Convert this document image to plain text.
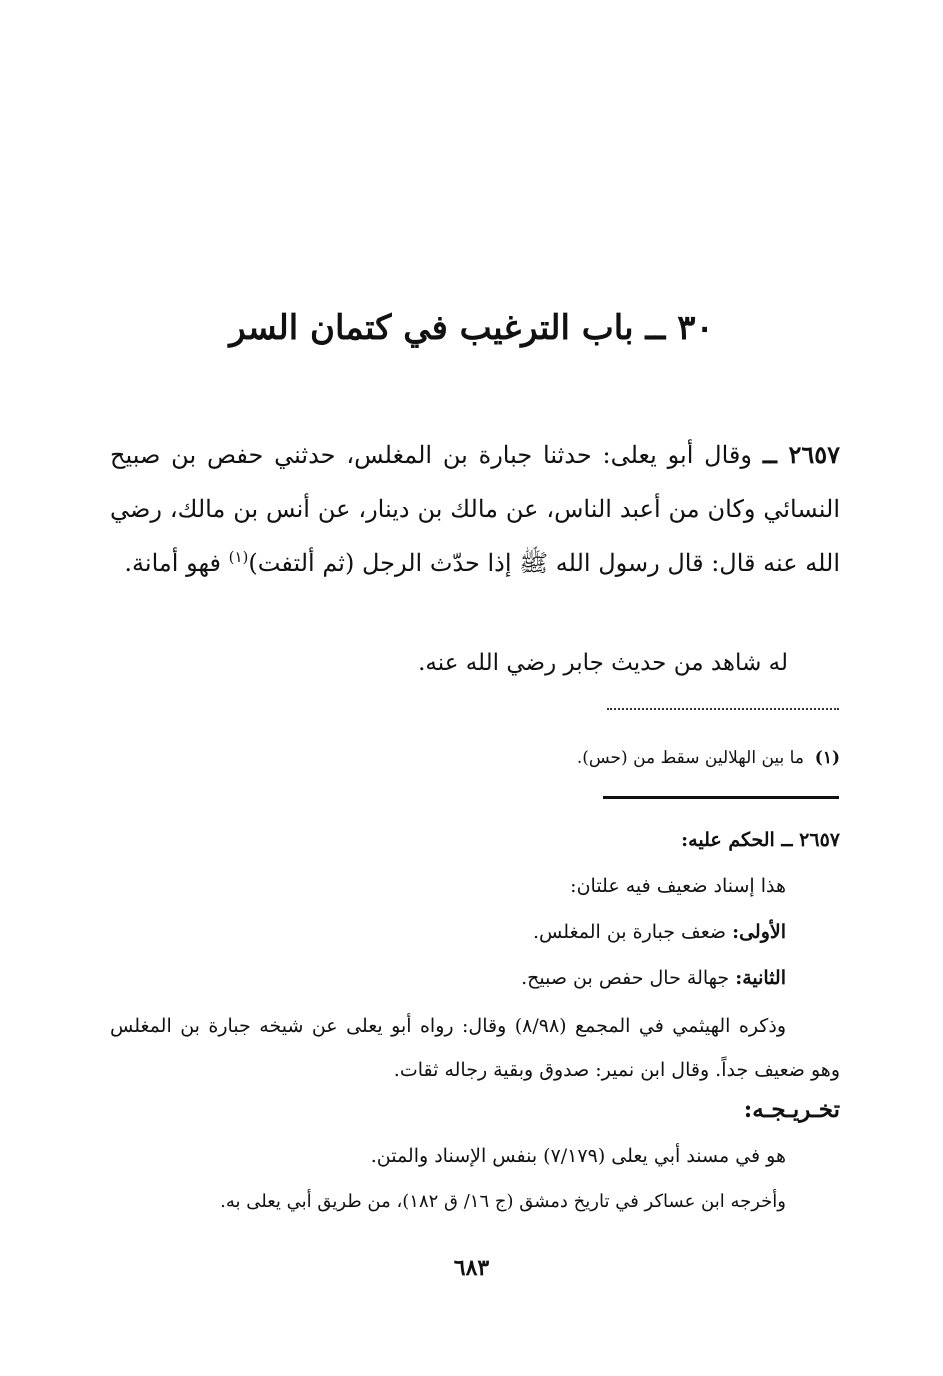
٣٠ ــ باب الترغيب في كتمان السر

٢٦٥٧ ــ وقال أبو يعلى: حدثنا جبارة بن المغلس، حدثني حفص بن صبيح النسائي وكان من أعبد الناس، عن مالك بن دينار، عن أنس بن مالك، رضي الله عنه قال: قال رسول الله ﷺ إذا حدّث الرجل (ثم ألتفت)$^{(١)}$ فهو أمانة.

له شاهد من حديث جابر رضي الله عنه.

(١)  ما بين الهلالين سقط من (حس).

٢٦٥٧ ــ الحكم عليه:

هذا إسناد ضعيف فيه علتان:

الأولى: ضعف جبارة بن المغلس.

الثانية: جهالة حال حفص بن صبيح.

وذكره الهيثمي في المجمع (٨/٩٨) وقال: رواه أبو يعلى عن شيخه جبارة بن المغلس وهو ضعيف جداً. وقال ابن نمير: صدوق وبقية رجاله ثقات.

تخـريـجـه:

هو في مسند أبي يعلى (٧/١٧٩) بنفس الإسناد والمتن.

وأخرجه ابن عساكر في تاريخ دمشق (ج ١٦/ ق ١٨٢)، من طريق أبي يعلى به.

٦٨٣
